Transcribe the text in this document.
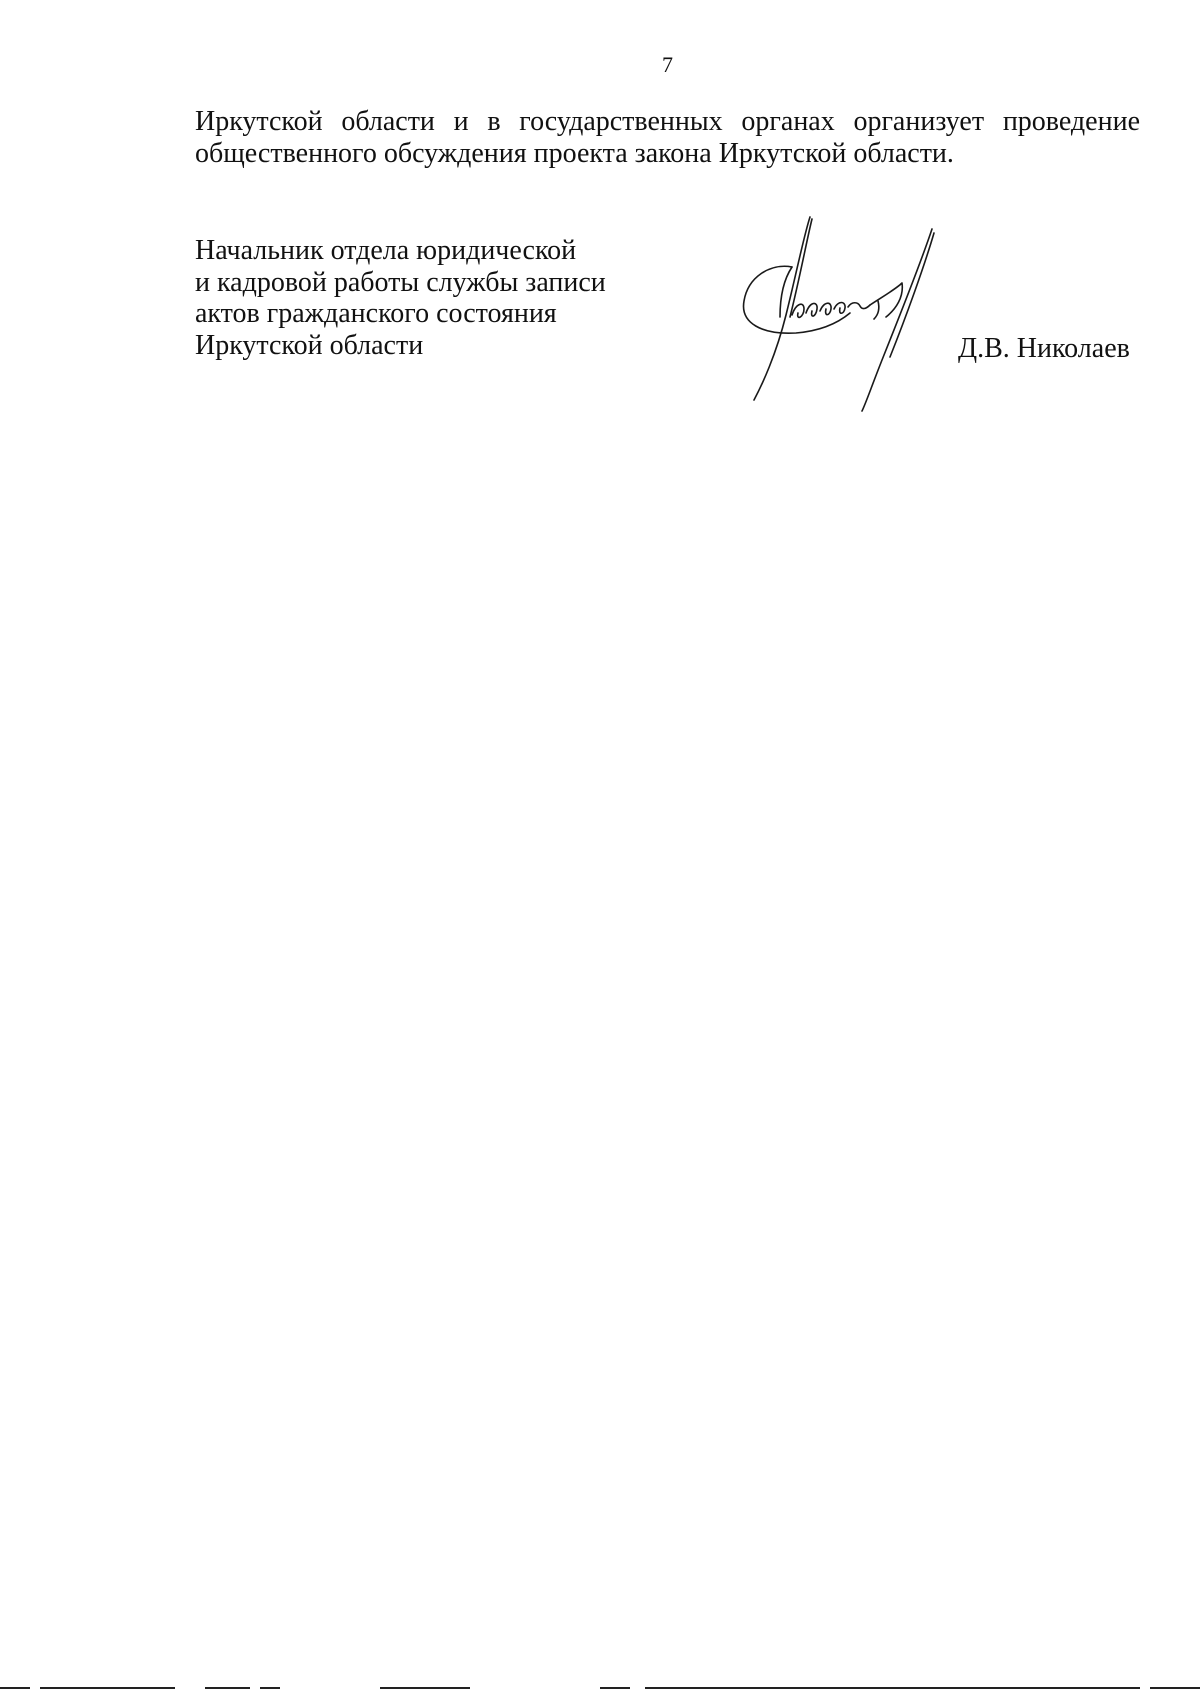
7
Иркутской области и в государственных органах организует проведение
общественного обсуждения проекта закона Иркутской области.
Начальник отдела юридической
и кадровой работы службы записи
актов гражданского состояния
Иркутской области	Д.В. Николаев
